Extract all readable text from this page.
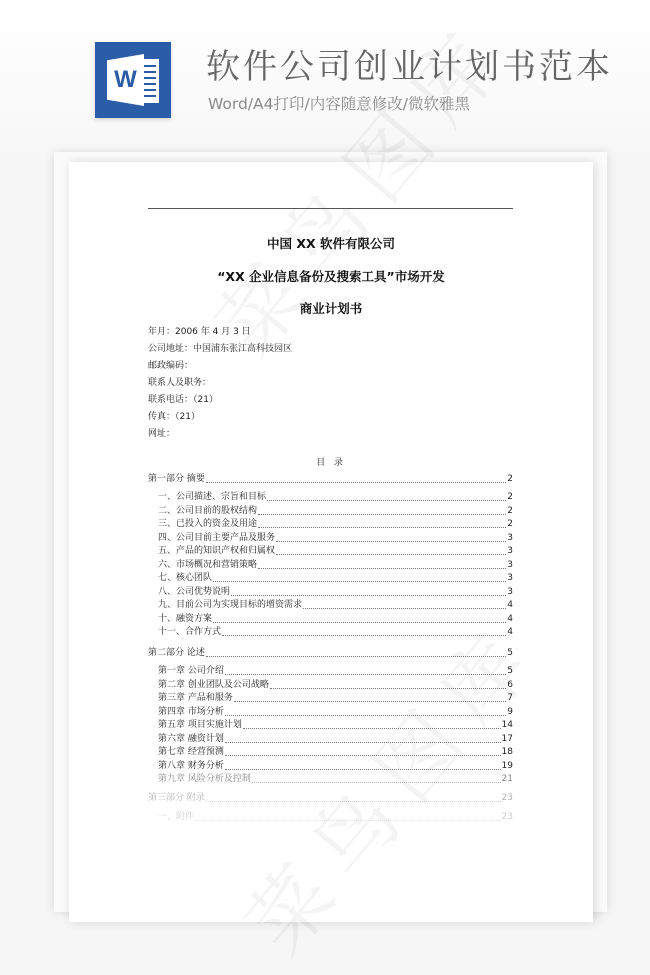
W 软件公司创业计划书范本
Word/A4打印/内容随意修改/微软雅黑
中国 XX 软件有限公司
“XX 企业信息备份及搜索工具”市场开发
商业计划书
年月：2006 年 4 月 3 日
公司地址：中国浦东张江高科技园区
邮政编码：
联系人及职务：
联系电话：（21）
传真：（21）
网址：
目 录
第一部分 摘要	2
一、公司描述、宗旨和目标	2
二、公司目前的股权结构	2
三、已投入的资金及用途	2
四、公司目前主要产品及服务	3
五、产品的知识产权和归属权	3
六、市场概况和营销策略	3
七、核心团队	3
八、公司优势说明	3
九、目前公司为实现目标的增资需求	4
十、融资方案	4
十一、合作方式	4
第二部分 论述	5
第一章 公司介绍	5
第二章 创业团队及公司战略	6
第三章 产品和服务	7
第四章 市场分析	9
第五章 项目实施计划	14
第六章 融资计划	17
第七章 经营预测	18
第八章 财务分析	19
第九章 风险分析及控制	21
第三部分 附录	23
一、附件	23
